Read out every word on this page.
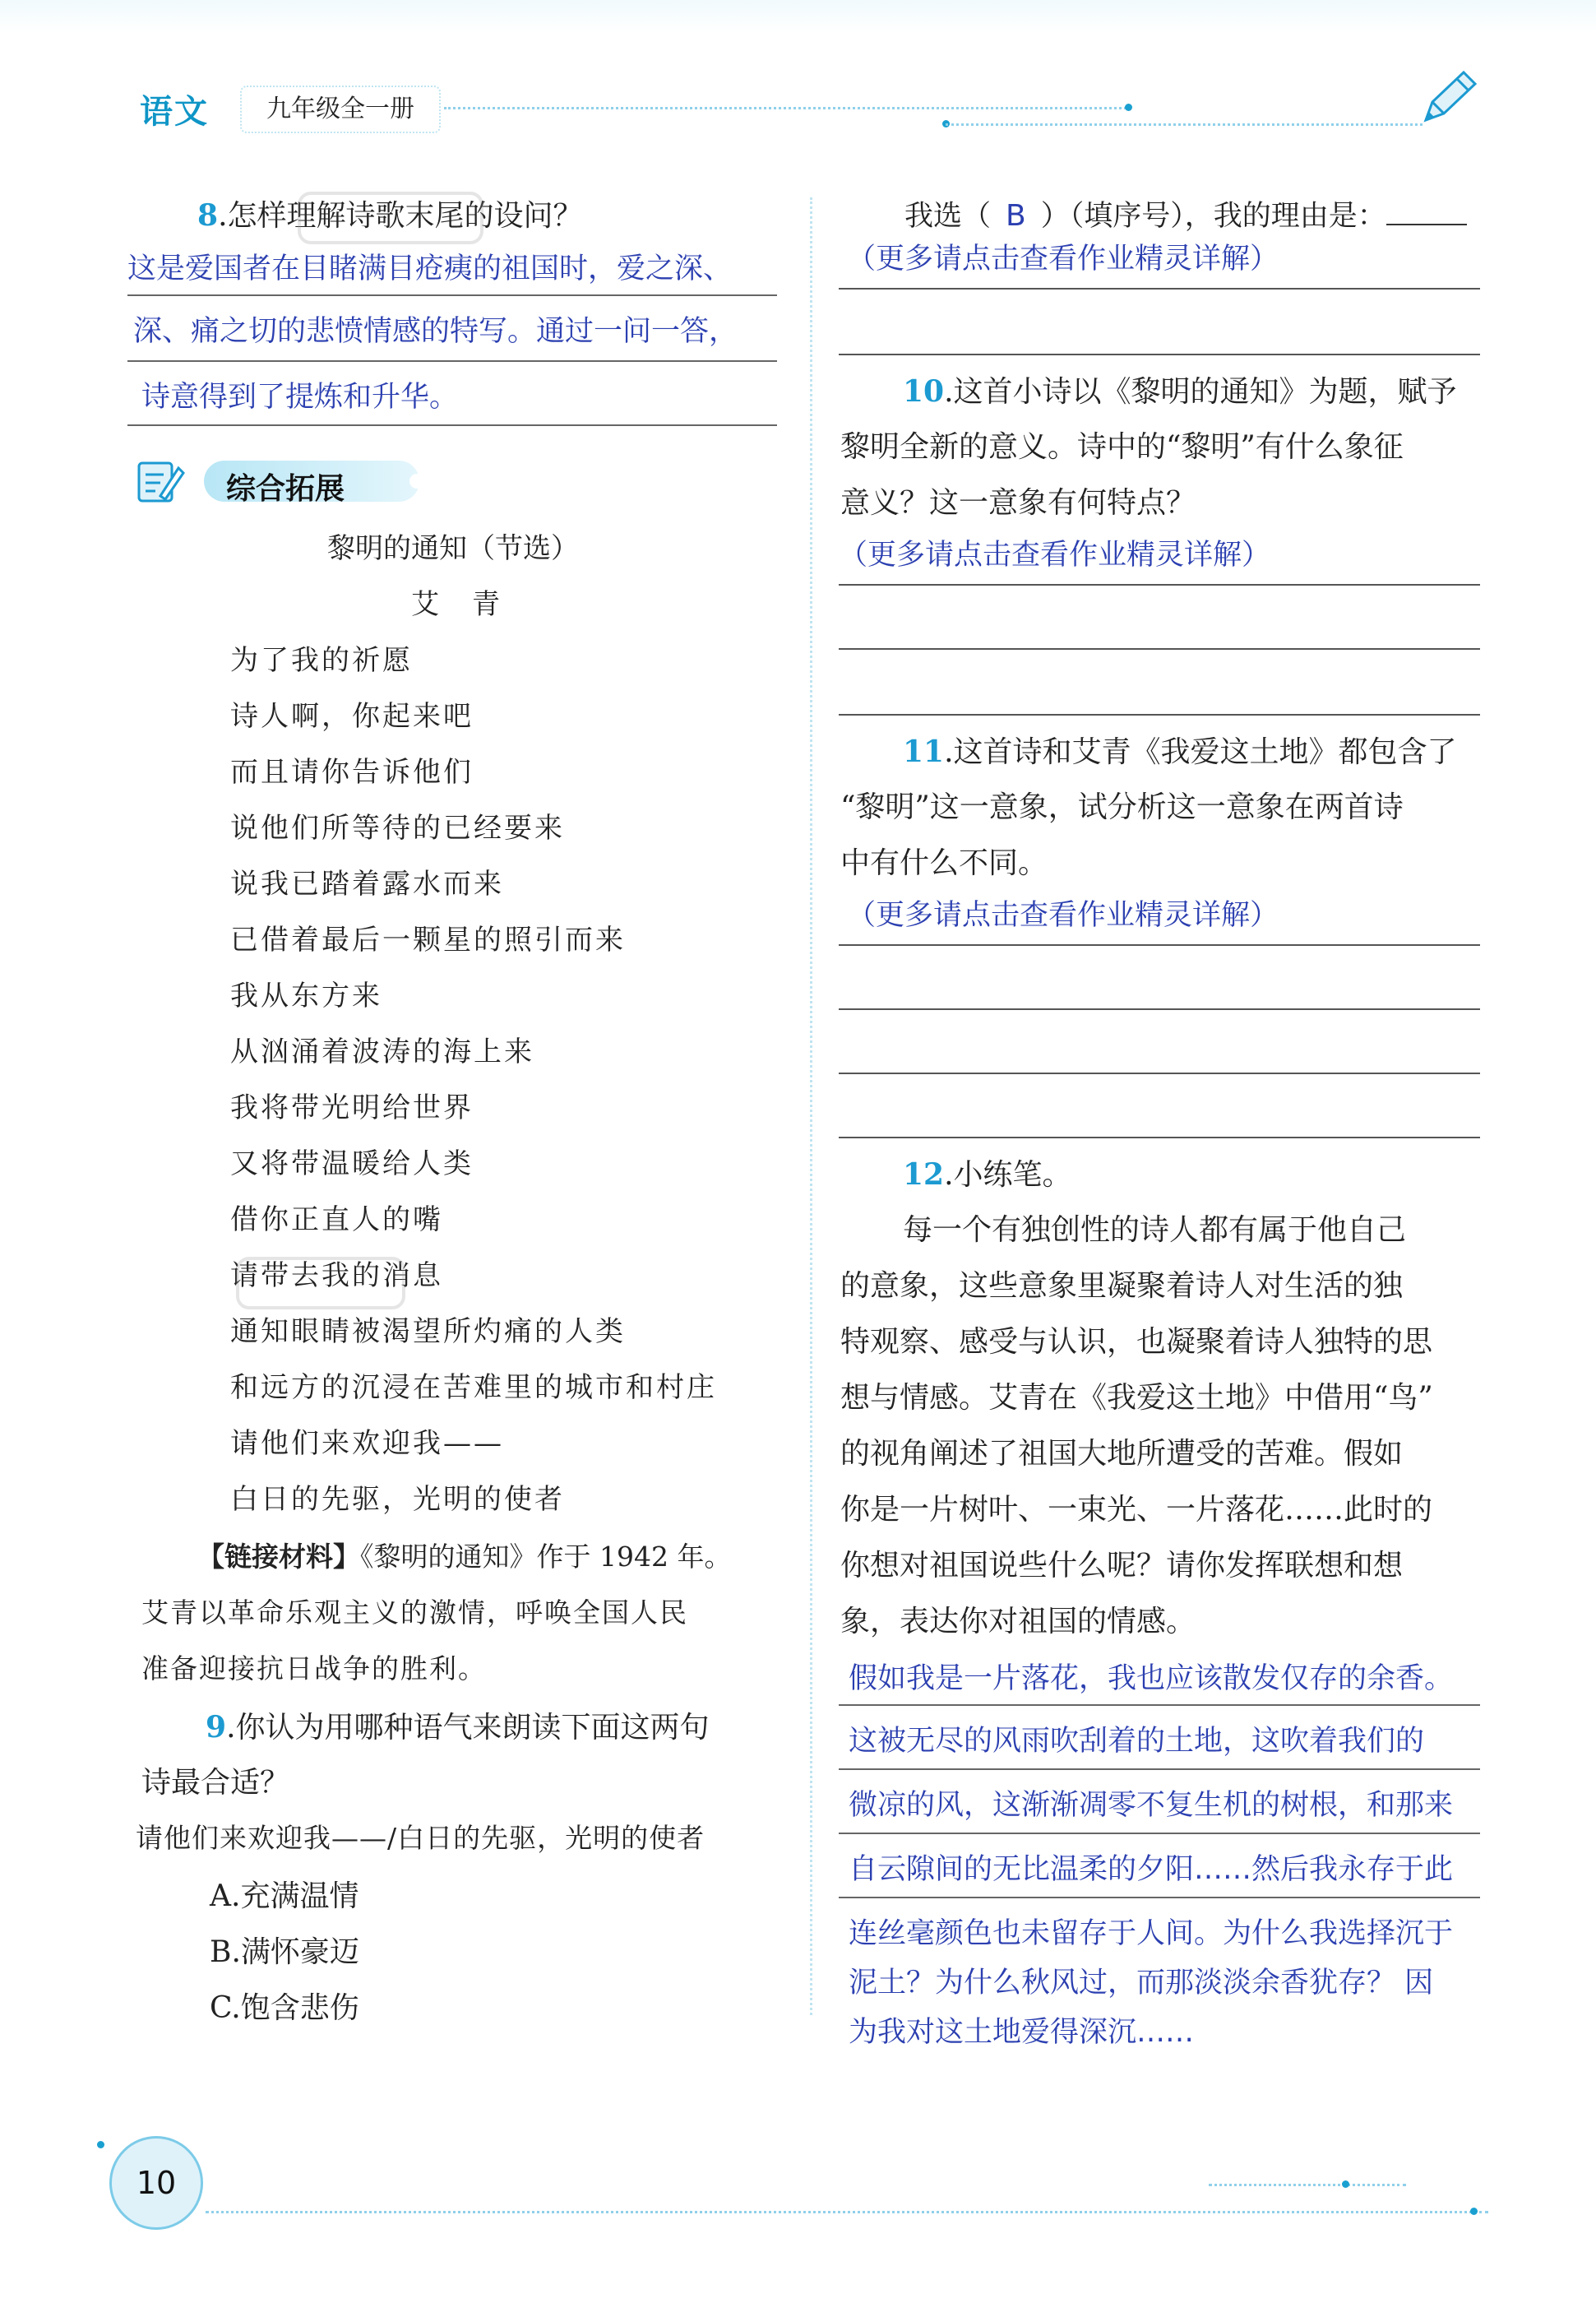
语文	九年级全一册
8.怎样理解诗歌末尾的设问？
这是爱国者在目睹满目疮痍的祖国时，爱之深、
深、痛之切的悲愤情感的特写。通过一问一答，
诗意得到了提炼和升华。
综合拓展
黎明的通知（节选）
艾　青
为了我的祈愿
诗人啊，你起来吧
而且请你告诉他们
说他们所等待的已经要来
说我已踏着露水而来
已借着最后一颗星的照引而来
我从东方来
从汹涌着波涛的海上来
我将带光明给世界
又将带温暖给人类
借你正直人的嘴
请带去我的消息
通知眼睛被渴望所灼痛的人类
和远方的沉浸在苦难里的城市和村庄
请他们来欢迎我——
白日的先驱，光明的使者
【链接材料】《黎明的通知》作于 1942 年。
艾青以革命乐观主义的激情，呼唤全国人民
准备迎接抗日战争的胜利。
9.你认为用哪种语气来朗读下面这两句
诗最合适？
请他们来欢迎我——/白日的先驱，光明的使者
A.充满温情
B.满怀豪迈
C.饱含悲伤
我选（ B ）（填序号），我的理由是：
（更多请点击查看作业精灵详解）
10.这首小诗以《黎明的通知》为题，赋予
黎明全新的意义。诗中的“黎明”有什么象征
意义？这一意象有何特点？
（更多请点击查看作业精灵详解）
11.这首诗和艾青《我爱这土地》都包含了
“黎明”这一意象，试分析这一意象在两首诗
中有什么不同。
（更多请点击查看作业精灵详解）
12.小练笔。
每一个有独创性的诗人都有属于他自己
的意象，这些意象里凝聚着诗人对生活的独
特观察、感受与认识，也凝聚着诗人独特的思
想与情感。艾青在《我爱这土地》中借用“鸟”
的视角阐述了祖国大地所遭受的苦难。假如
你是一片树叶、一束光、一片落花……此时的
你想对祖国说些什么呢？请你发挥联想和想
象，表达你对祖国的情感。
假如我是一片落花，我也应该散发仅存的余香。
这被无尽的风雨吹刮着的土地，这吹着我们的
微凉的风，这渐渐凋零不复生机的树根，和那来
自云隙间的无比温柔的夕阳……然后我永存于此
连丝毫颜色也未留存于人间。为什么我选择沉于
泥土？为什么秋风过，而那淡淡余香犹存？ 因
为我对这土地爱得深沉……
10
